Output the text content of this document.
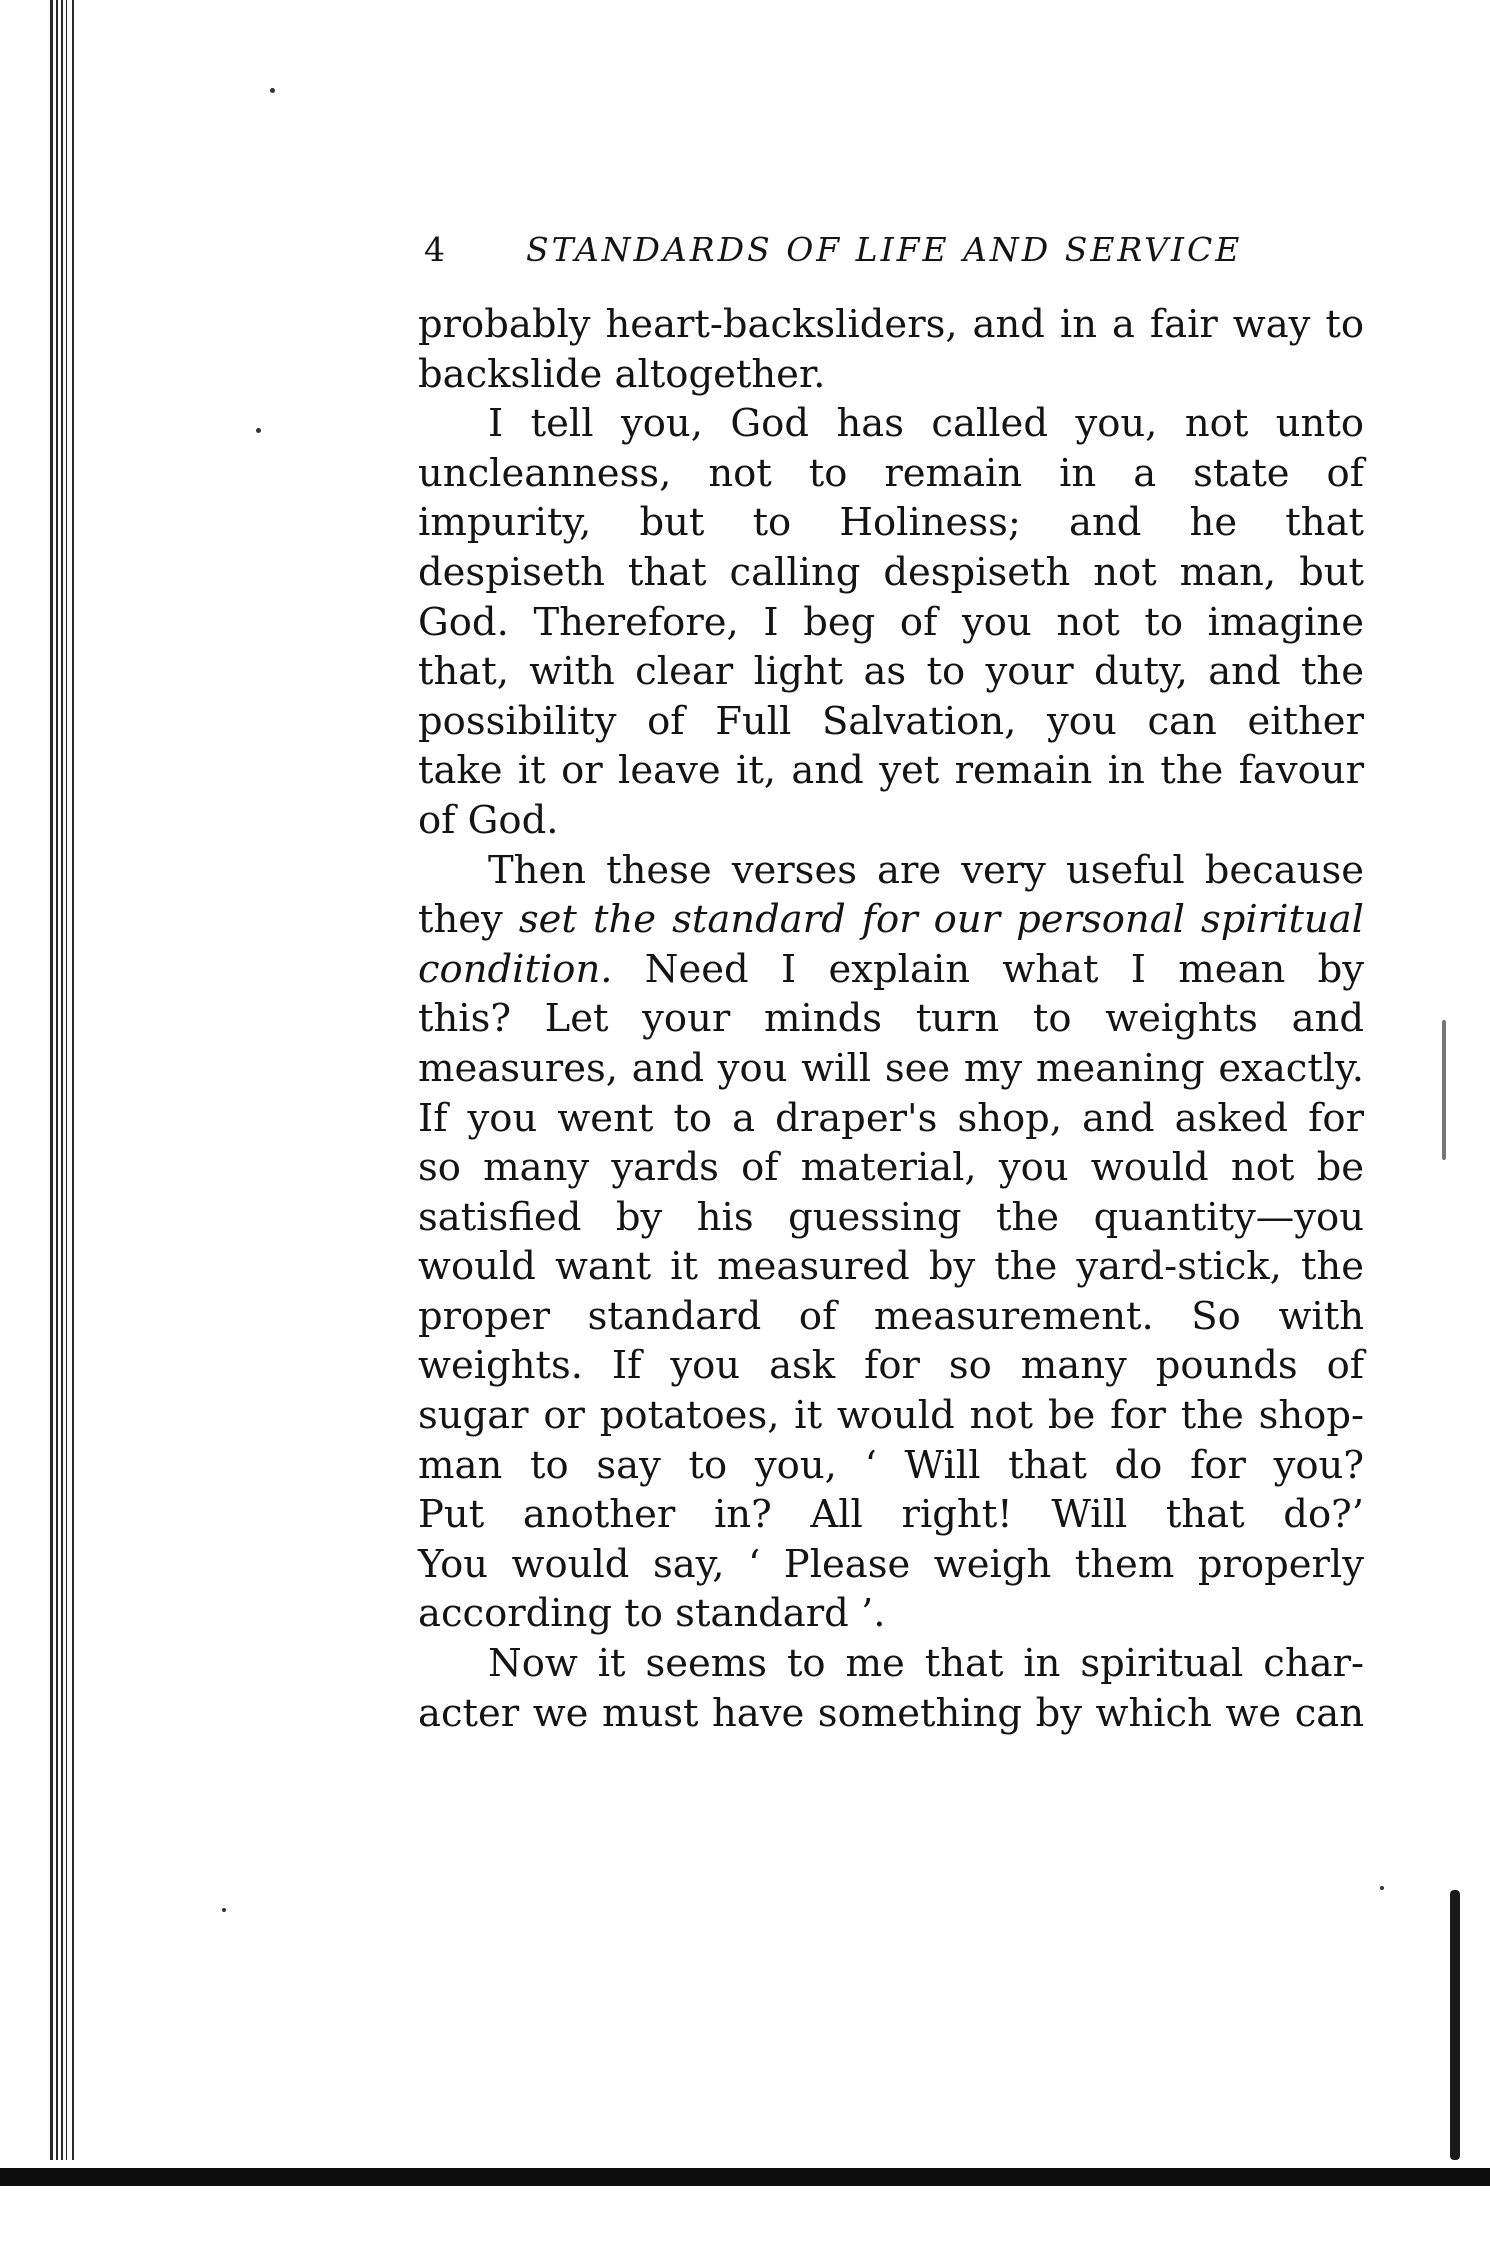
4 STANDARDS OF LIFE AND SERVICE

probably heart-backsliders, and in a fair way to
backslide altogether.

I tell you, God has called you, not unto
uncleanness, not to remain in a state of
impurity, but to Holiness; and he that
despiseth that calling despiseth not man, but
God. Therefore, I beg of you not to imagine
that, with clear light as to your duty, and the
possibility of Full Salvation, you can either
take it or leave it, and yet remain in the favour
of God.

Then these verses are very useful because
they set the standard for our personal spiritual
condition. Need I explain what I mean by
this? Let your minds turn to weights and
measures, and you will see my meaning exactly.
If you went to a draper's shop, and asked for
so many yards of material, you would not be
satisfied by his guessing the quantity—you
would want it measured by the yard-stick, the
proper standard of measurement. So with
weights. If you ask for so many pounds of
sugar or potatoes, it would not be for the shop-
man to say to you, ‘ Will that do for you?
Put another in? All right! Will that do?’
You would say, ‘ Please weigh them properly
according to standard ’.

Now it seems to me that in spiritual char-
acter we must have something by which we can
